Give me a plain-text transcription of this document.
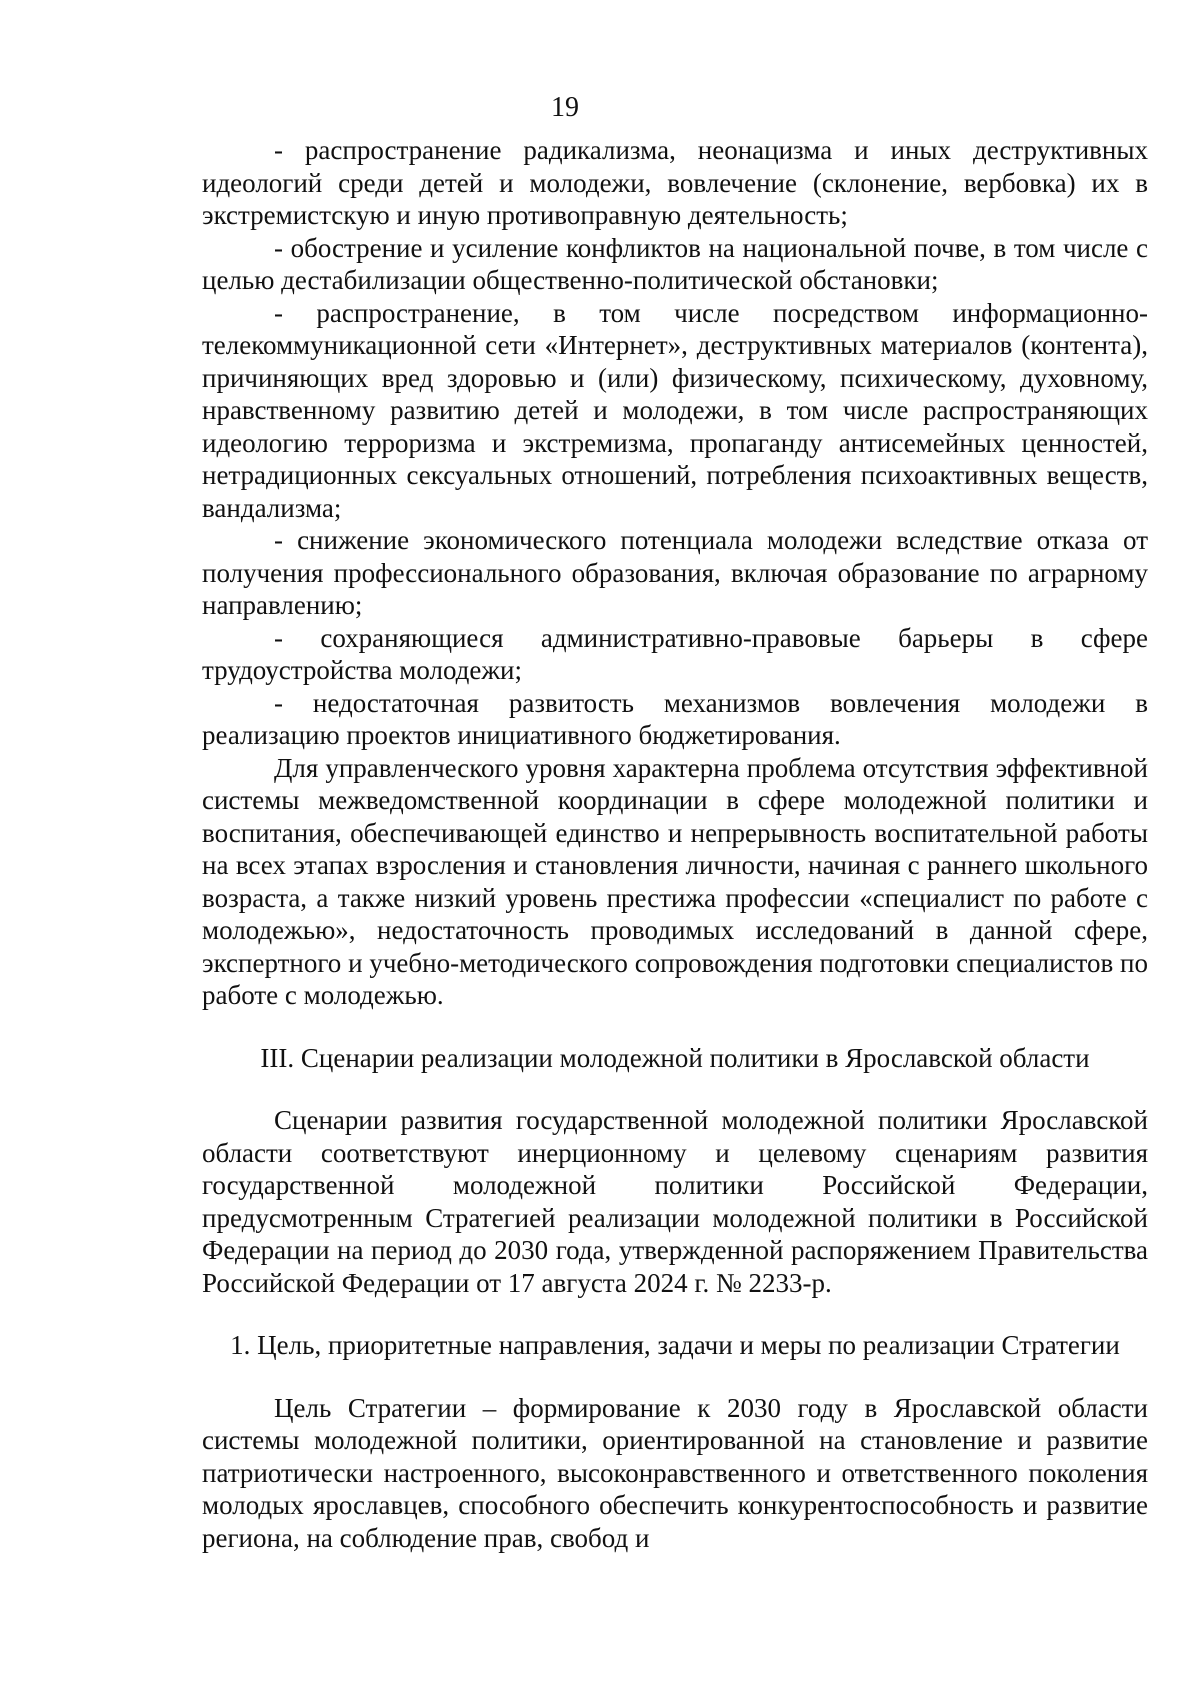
19

- распространение радикализма, неонацизма и иных деструктивных идеологий среди детей и молодежи, вовлечение (склонение, вербовка) их в экстремистскую и иную противоправную деятельность;

- обострение и усиление конфликтов на национальной почве, в том числе с целью дестабилизации общественно-политической обстановки;

- распространение, в том числе посредством информационно-телекоммуникационной сети «Интернет», деструктивных материалов (контента), причиняющих вред здоровью и (или) физическому, психическому, духовному, нравственному развитию детей и молодежи, в том числе распространяющих идеологию терроризма и экстремизма, пропаганду антисемейных ценностей, нетрадиционных сексуальных отношений, потребления психоактивных веществ, вандализма;

- снижение экономического потенциала молодежи вследствие отказа от получения профессионального образования, включая образование по аграрному направлению;

- сохраняющиеся административно-правовые барьеры в сфере трудоустройства молодежи;

- недостаточная развитость механизмов вовлечения молодежи в реализацию проектов инициативного бюджетирования.

Для управленческого уровня характерна проблема отсутствия эффективной системы межведомственной координации в сфере молодежной политики и воспитания, обеспечивающей единство и непрерывность воспитательной работы на всех этапах взросления и становления личности, начиная с раннего школьного возраста, а также низкий уровень престижа профессии «специалист по работе с молодежью», недостаточность проводимых исследований в данной сфере, экспертного и учебно-методического сопровождения подготовки специалистов по работе с молодежью.

III. Сценарии реализации молодежной политики в Ярославской области

Сценарии развития государственной молодежной политики Ярославской области соответствуют инерционному и целевому сценариям развития государственной молодежной политики Российской Федерации, предусмотренным Стратегией реализации молодежной политики в Российской Федерации на период до 2030 года, утвержденной распоряжением Правительства Российской Федерации от 17 августа 2024 г. № 2233-р.

1. Цель, приоритетные направления, задачи и меры по реализации Стратегии

Цель Стратегии – формирование к 2030 году в Ярославской области системы молодежной политики, ориентированной на становление и развитие патриотически настроенного, высоконравственного и ответственного поколения молодых ярославцев, способного обеспечить конкурентоспособность и развитие региона, на соблюдение прав, свобод и
